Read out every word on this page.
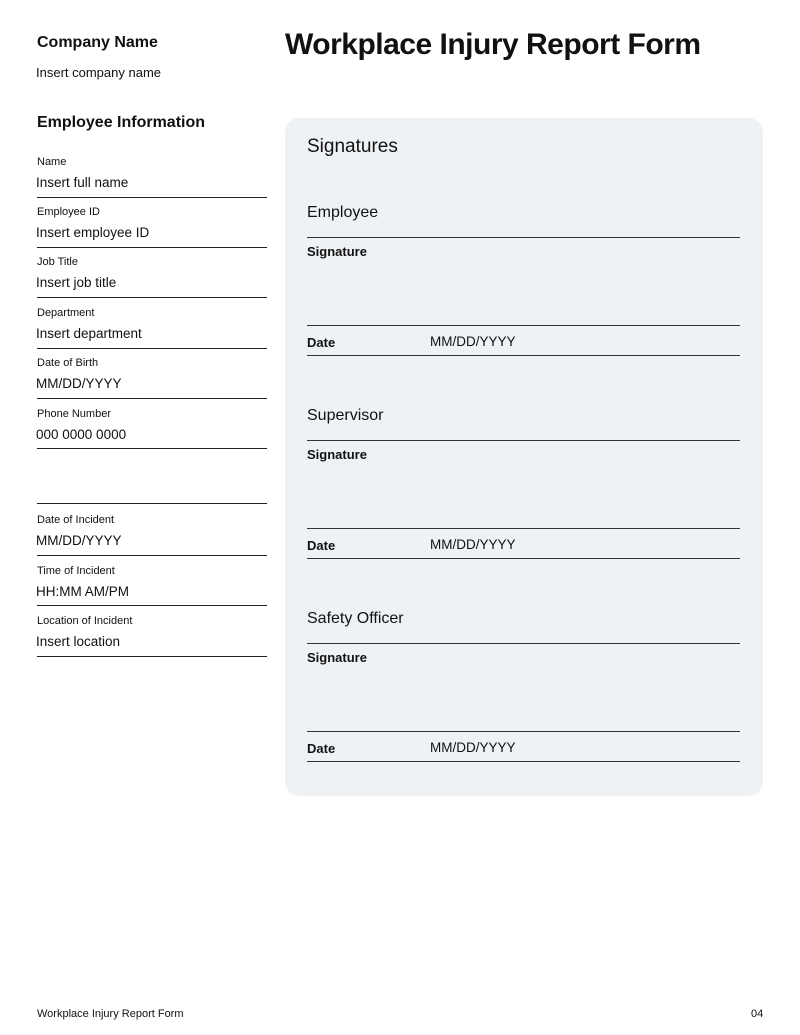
Company Name
Insert company name
Workplace Injury Report Form
Employee Information
Name
Insert full name
Employee ID
Insert employee ID
Job Title
Insert job title
Department
Insert department
Date of Birth
MM/DD/YYYY
Phone Number
000 0000 0000
Date of Incident
MM/DD/YYYY
Time of Incident
HH:MM AM/PM
Location of Incident
Insert location
Signatures
Employee
Signature
Date	MM/DD/YYYY
Supervisor
Signature
Date	MM/DD/YYYY
Safety Officer
Signature
Date	MM/DD/YYYY
Workplace Injury Report Form	04
